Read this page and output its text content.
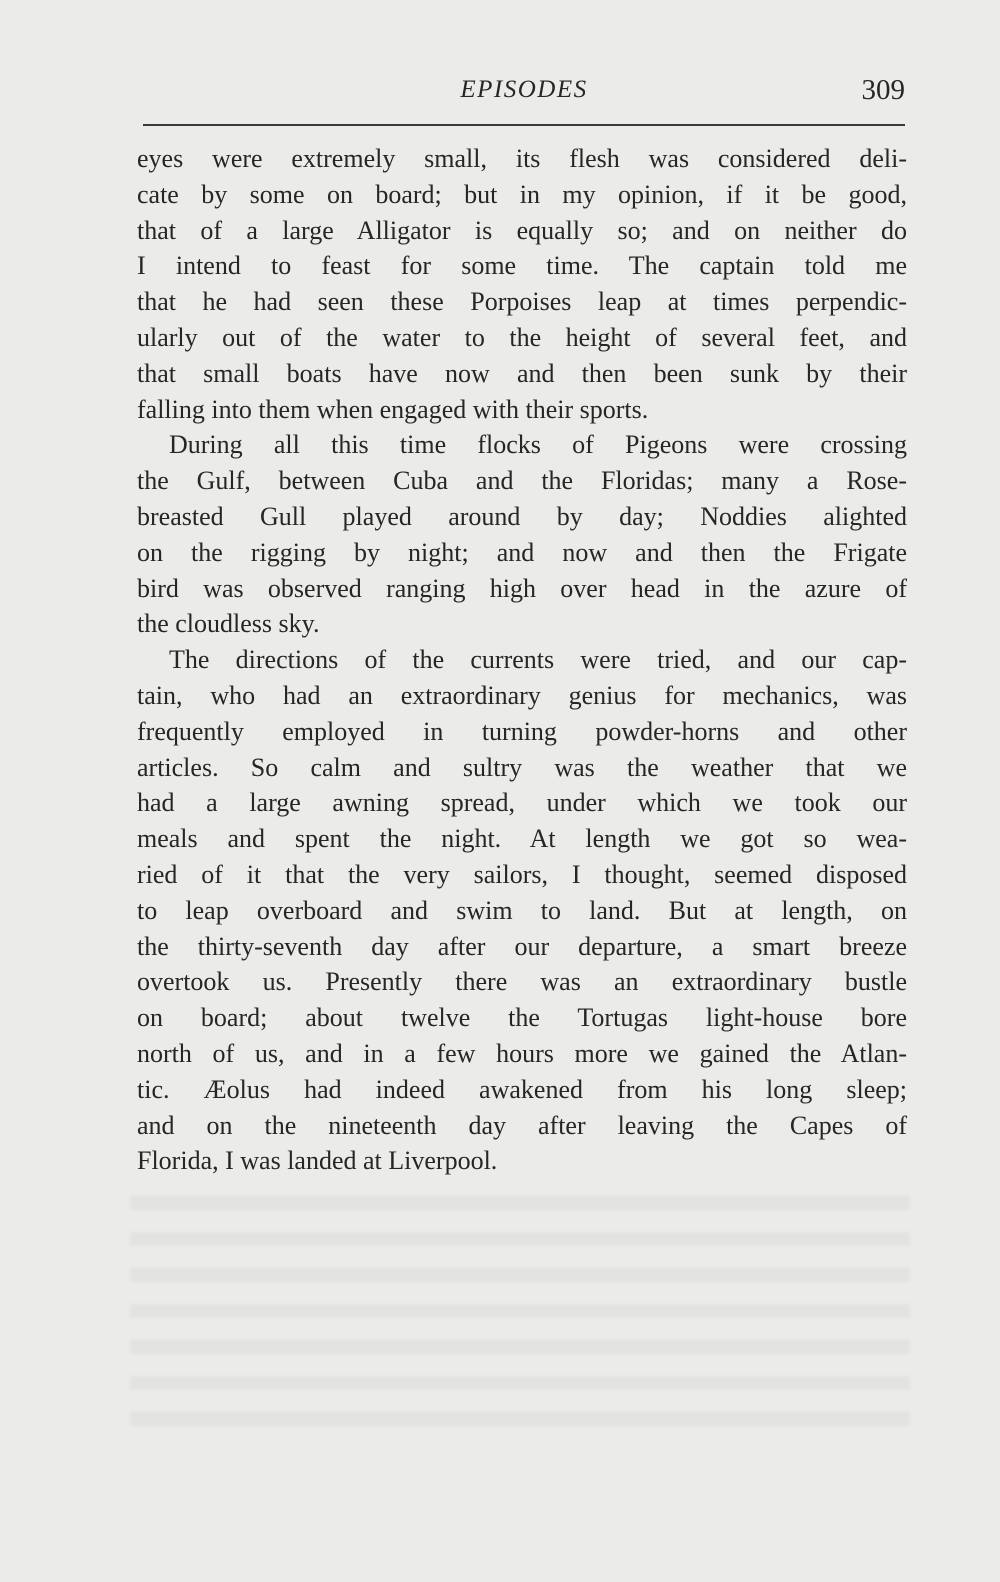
EPISODES	309
eyes were extremely small, its flesh was considered deli-
cate by some on board; but in my opinion, if it be good,
that of a large Alligator is equally so; and on neither do
I intend to feast for some time. The captain told me
that he had seen these Porpoises leap at times perpendic-
ularly out of the water to the height of several feet, and
that small boats have now and then been sunk by their
falling into them when engaged with their sports.
During all this time flocks of Pigeons were crossing
the Gulf, between Cuba and the Floridas; many a Rose-
breasted Gull played around by day; Noddies alighted
on the rigging by night; and now and then the Frigate
bird was observed ranging high over head in the azure of
the cloudless sky.
The directions of the currents were tried, and our cap-
tain, who had an extraordinary genius for mechanics, was
frequently employed in turning powder-horns and other
articles. So calm and sultry was the weather that we
had a large awning spread, under which we took our
meals and spent the night. At length we got so wea-
ried of it that the very sailors, I thought, seemed disposed
to leap overboard and swim to land. But at length, on
the thirty-seventh day after our departure, a smart breeze
overtook us. Presently there was an extraordinary bustle
on board; about twelve the Tortugas light-house bore
north of us, and in a few hours more we gained the Atlan-
tic. Æolus had indeed awakened from his long sleep;
and on the nineteenth day after leaving the Capes of
Florida, I was landed at Liverpool.
